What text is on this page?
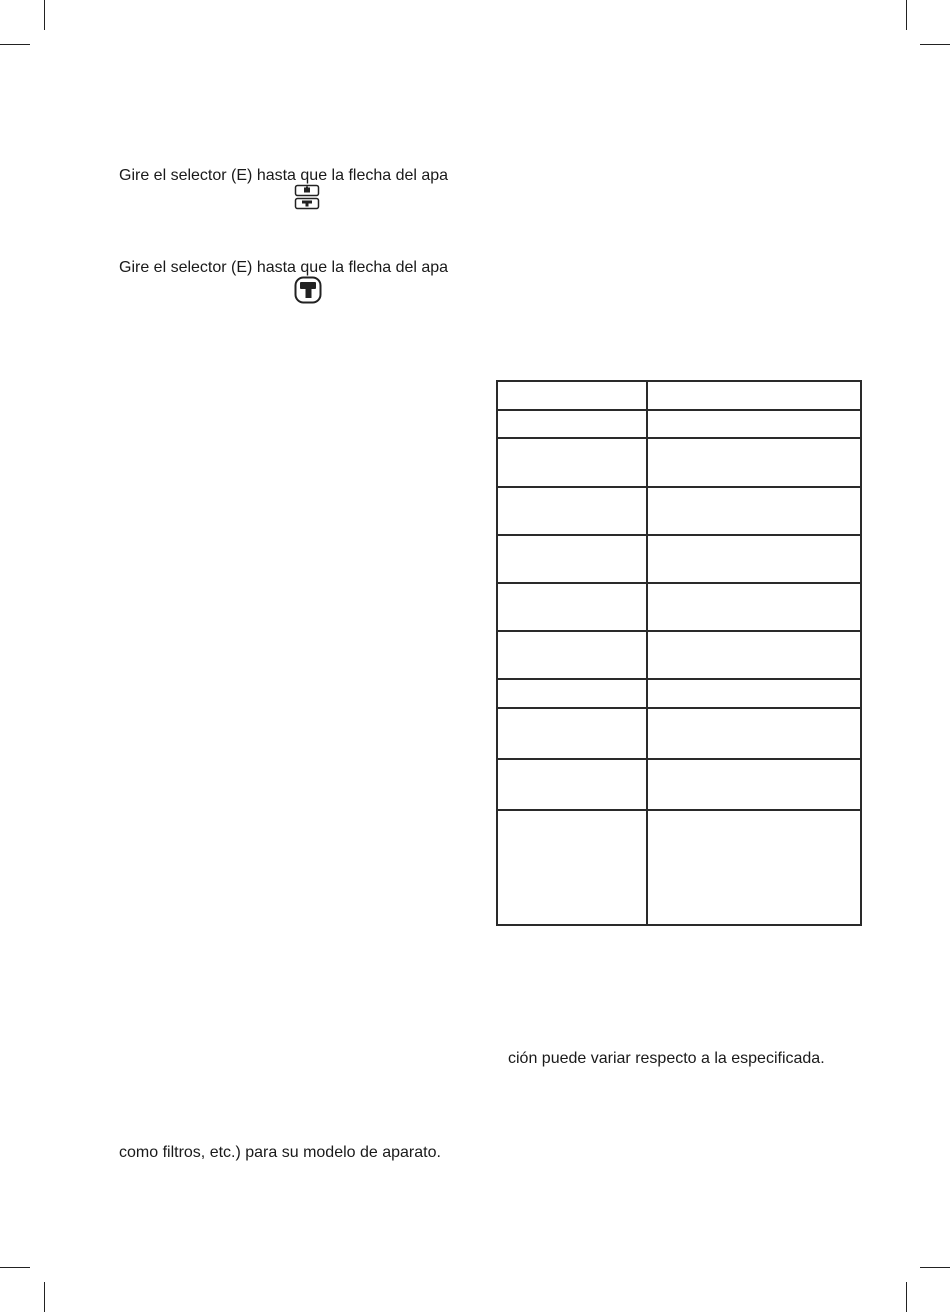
Gire el selector (E) hasta que la flecha del apa
Gire el selector (E) hasta que la flecha del apa

ción puede variar respecto a la especificada.
como filtros, etc.) para su modelo de aparato.
